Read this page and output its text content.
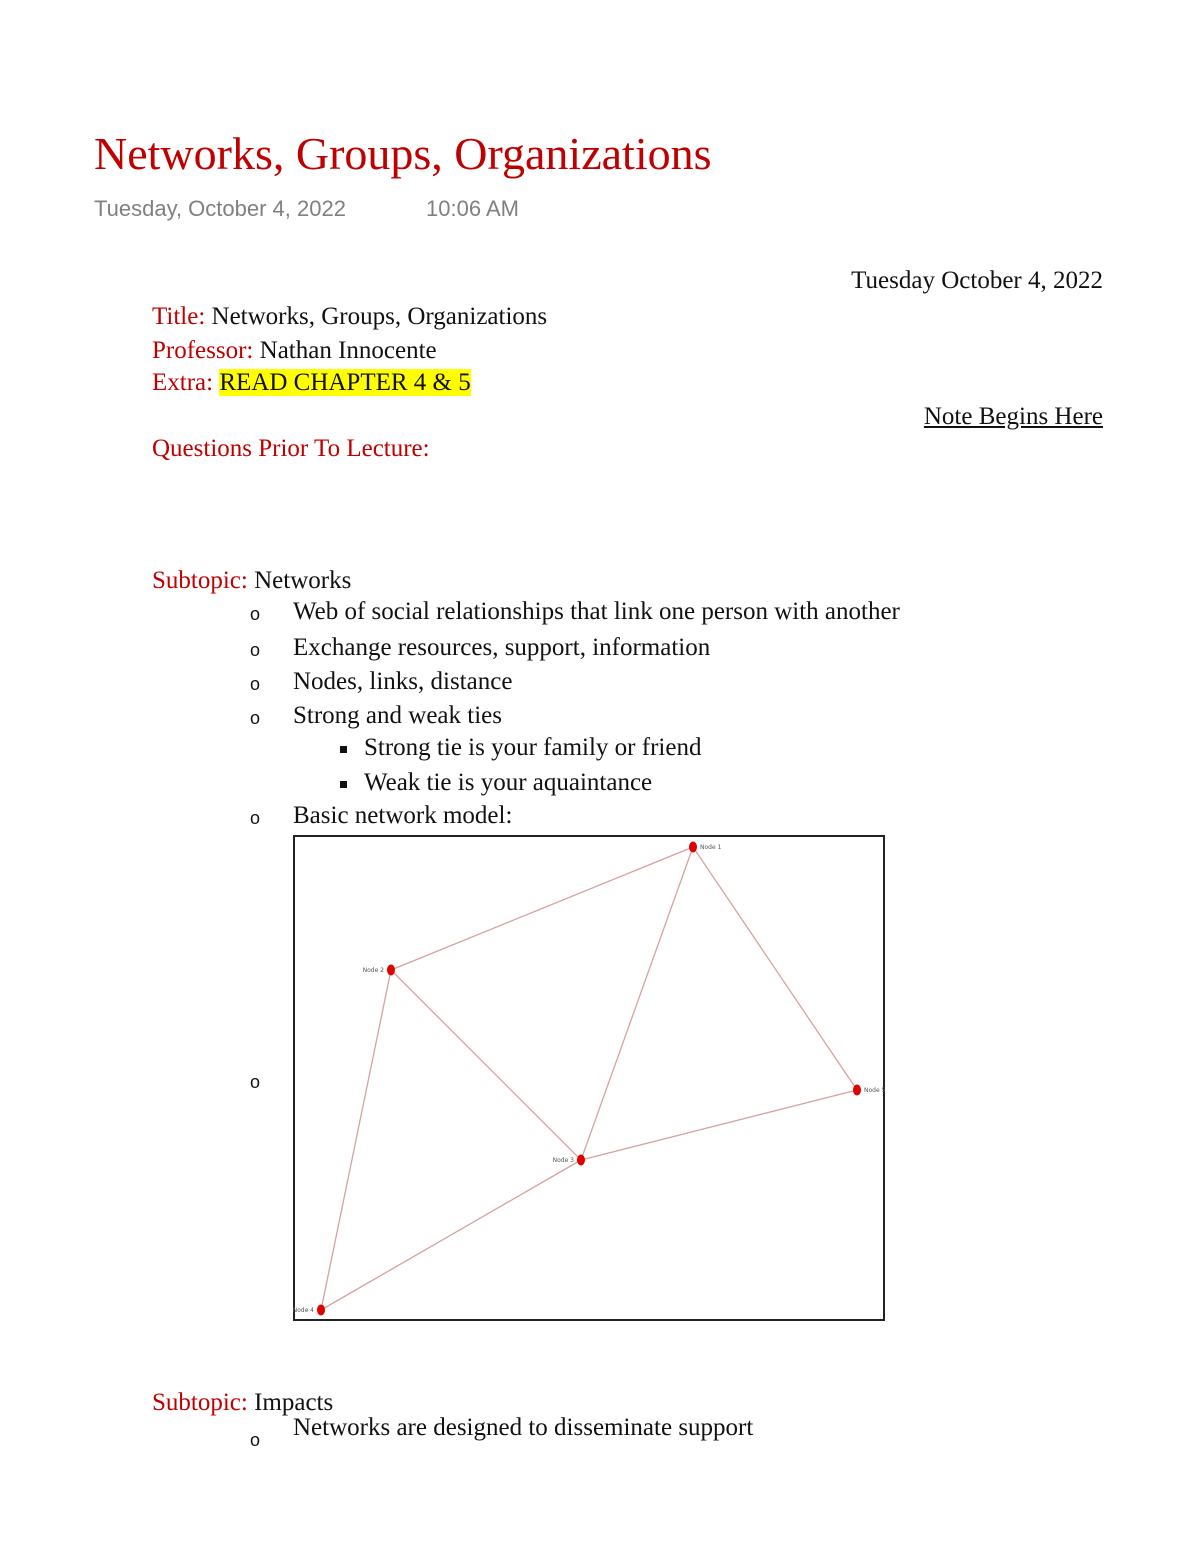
Networks, Groups, Organizations
Tuesday, October 4, 2022	10:06 AM
Tuesday October 4, 2022
Title: Networks, Groups, Organizations
Professor: Nathan Innocente
Extra: READ CHAPTER 4 & 5
Note Begins Here
Questions Prior To Lecture:
Subtopic: Networks
o Web of social relationships that link one person with another
o Exchange resources, support, information
o Nodes, links, distance
o Strong and weak ties
Strong tie is your family or friend
Weak tie is your aquaintance
o Basic network model:
o
Node 1
Node 2
Node 3
Node 4
Node 5
Subtopic: Impacts
o Networks are designed to disseminate support
